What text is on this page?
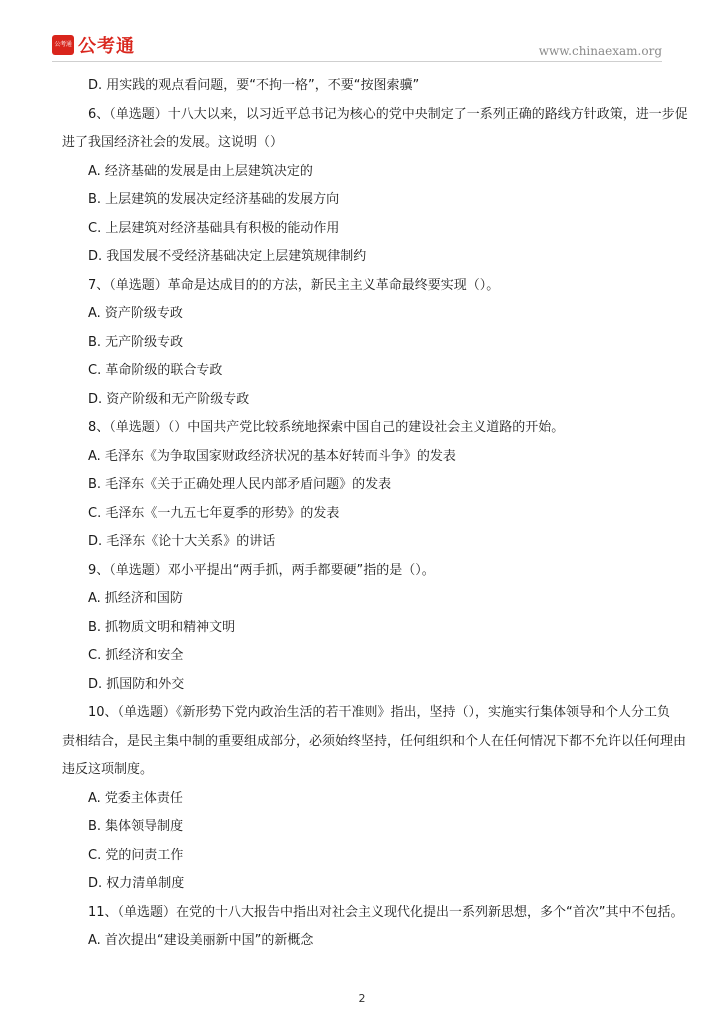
公考通 公考通	www.chinaexam.org
D. 用实践的观点看问题，要“不拘一格”，不要“按图索骥”
6、（单选题）十八大以来，以习近平总书记为核心的党中央制定了一系列正确的路线方针政策，进一步促
进了我国经济社会的发展。这说明（）
A. 经济基础的发展是由上层建筑决定的
B. 上层建筑的发展决定经济基础的发展方向
C. 上层建筑对经济基础具有积极的能动作用
D. 我国发展不受经济基础决定上层建筑规律制约
7、（单选题）革命是达成目的的方法，新民主主义革命最终要实现（）。
A. 资产阶级专政
B. 无产阶级专政
C. 革命阶级的联合专政
D. 资产阶级和无产阶级专政
8、（单选题）（）中国共产党比较系统地探索中国自己的建设社会主义道路的开始。
A. 毛泽东《为争取国家财政经济状况的基本好转而斗争》的发表
B. 毛泽东《关于正确处理人民内部矛盾问题》的发表
C. 毛泽东《一九五七年夏季的形势》的发表
D. 毛泽东《论十大关系》的讲话
9、（单选题）邓小平提出“两手抓，两手都要硬”指的是（）。
A. 抓经济和国防
B. 抓物质文明和精神文明
C. 抓经济和安全
D. 抓国防和外交
10、（单选题）《新形势下党内政治生活的若干准则》指出，坚持（），实施实行集体领导和个人分工负
责相结合，是民主集中制的重要组成部分，必须始终坚持，任何组织和个人在任何情况下都不允许以任何理由
违反这项制度。
A. 党委主体责任
B. 集体领导制度
C. 党的问责工作
D. 权力清单制度
11、（单选题）在党的十八大报告中指出对社会主义现代化提出一系列新思想，多个“首次”其中不包括。
A. 首次提出“建设美丽新中国”的新概念
2
